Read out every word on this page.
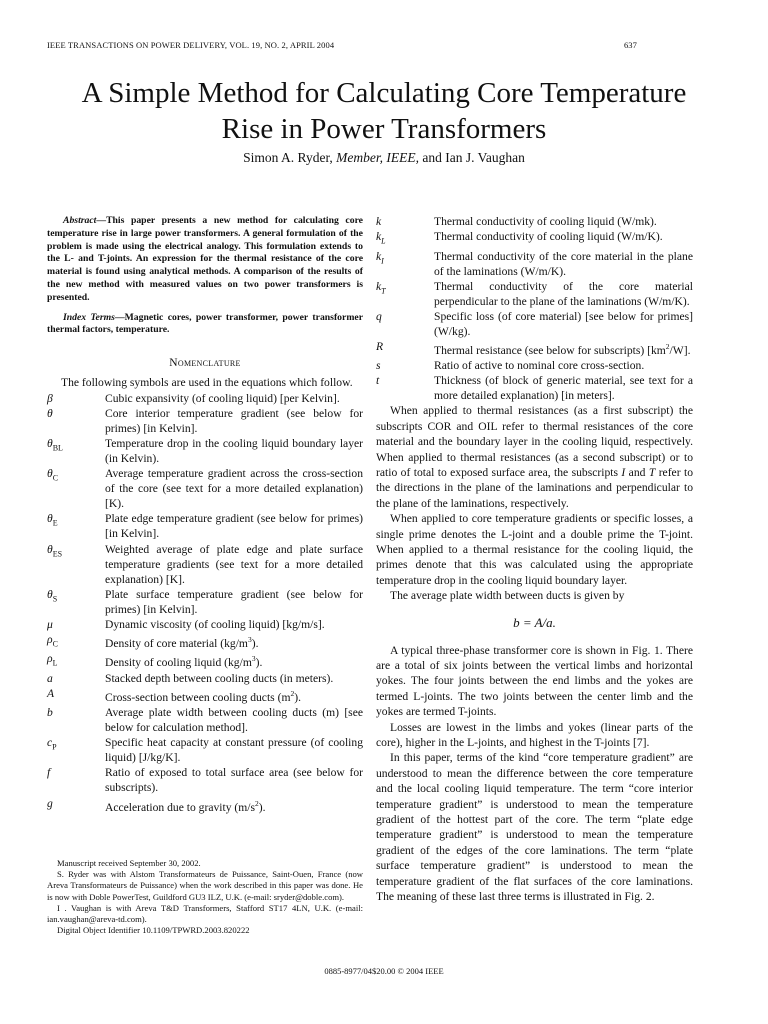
IEEE TRANSACTIONS ON POWER DELIVERY, VOL. 19, NO. 2, APRIL 2004	637
A Simple Method for Calculating Core Temperature
Rise in Power Transformers
Simon A. Ryder, Member, IEEE, and Ian J. Vaughan

Abstract—This paper presents a new method for calculating core temperature rise in large power transformers. A general formulation of the problem is made using the electrical analogy. This formulation extends to the L- and T-joints. An expression for the thermal resistance of the core material is found using analytical methods. A comparison of the results of the new method with measured values on two power transformers is presented.

Index Terms—Magnetic cores, power transformer, power transformer thermal factors, temperature.

Nomenclature

The following symbols are used in the equations which follow.

β	Cubic expansivity (of cooling liquid) [per Kelvin].
θ	Core interior temperature gradient (see below for primes) [in Kelvin].
$\theta_{BL}$	Temperature drop in the cooling liquid boundary layer (in Kelvin).
$\theta_C$	Average temperature gradient across the cross-section of the core (see text for a more detailed explanation) [K).
$\theta_E$	Plate edge temperature gradient (see below for primes) [in Kelvin].
$\theta_{ES}$	Weighted average of plate edge and plate surface temperature gradients (see text for a more detailed explanation) [K].
$\theta_S$	Plate surface temperature gradient (see below for primes) [in Kelvin].
μ	Dynamic viscosity (of cooling liquid) [kg/m/s].
$\rho_C$	Density of core material $(kg/m^3)$.
$\rho_L$	Density of cooling liquid $(kg/m^3)$.
a	Stacked depth between cooling ducts (in meters).
A	Cross-section between cooling ducts $(m^2)$.
b	Average plate width between cooling ducts (m) [see below for calculation method].
$c_P$	Specific heat capacity at constant pressure (of cooling liquid) [J/kg/K].
f	Ratio of exposed to total surface area (see below for subscripts).
g	Acceleration due to gravity $(m/s^2)$.

Manuscript received September 30, 2002.

S. Ryder was with Alstom Transformateurs de Puissance, Saint-Ouen, France (now Areva Transformateurs de Puissance) when the work described in this paper was done. He is now with Doble PowerTest, Guildford GU3 ILZ, U.K. (e-mail: sryder@doble.com).

I . Vaughan is with Areva T&D Transformers, Stafford ST17 4LN, U.K. (e-mail: ian.vaughan@areva-td.com).

Digital Object Identifier 10.1109/TPWRD.2003.820222

k	Thermal conductivity of cooling liquid (W/mk).
$k_L$	Thermal conductivity of cooling liquid (W/m/K).
$k_I$	Thermal conductivity of the core material in the plane of the laminations (W/m/K).
$k_T$	Thermal conductivity of the core material perpendicular to the plane of the laminations (W/m/K).
q	Specific loss (of core material) [see below for primes] (W/kg).
R	Thermal resistance (see below for subscripts) $[km^2/W]$.
s	Ratio of active to nominal core cross-section.
t	Thickness (of block of generic material, see text for a more detailed explanation) [in meters].

When applied to thermal resistances (as a first subscript) the subscripts COR and OIL refer to thermal resistances of the core material and the boundary layer in the cooling liquid, respectively. When applied to thermal resistances (as a second subscript) or to ratio of total to exposed surface area, the subscripts I and T refer to the directions in the plane of the laminations and perpendicular to the plane of the laminations, respectively.

When applied to core temperature gradients or specific losses, a single prime denotes the L-joint and a double prime the T-joint. When applied to a thermal resistance for the cooling liquid, the primes denote that this was calculated using the appropriate temperature drop in the cooling liquid boundary layer.

The average plate width between ducts is given by

b = A/a.

A typical three-phase transformer core is shown in Fig. 1. There are a total of six joints between the vertical limbs and horizontal yokes. The four joints between the end limbs and the yokes are termed L-joints. The two joints between the center limb and the yokes are termed T-joints.

Losses are lowest in the limbs and yokes (linear parts of the core), higher in the L-joints, and highest in the T-joints [7].

In this paper, terms of the kind “core temperature gradient” are understood to mean the difference between the core temperature and the local cooling liquid temperature. The term “core interior temperature gradient” is understood to mean the temperature gradient of the hottest part of the core. The term “plate edge temperature gradient” is understood to mean the temperature gradient of the edges of the core laminations. The term “plate surface temperature gradient” is understood to mean the temperature gradient of the flat surfaces of the core laminations. The meaning of these last three terms is illustrated in Fig. 2.

0885-8977/04$20.00 © 2004 IEEE
